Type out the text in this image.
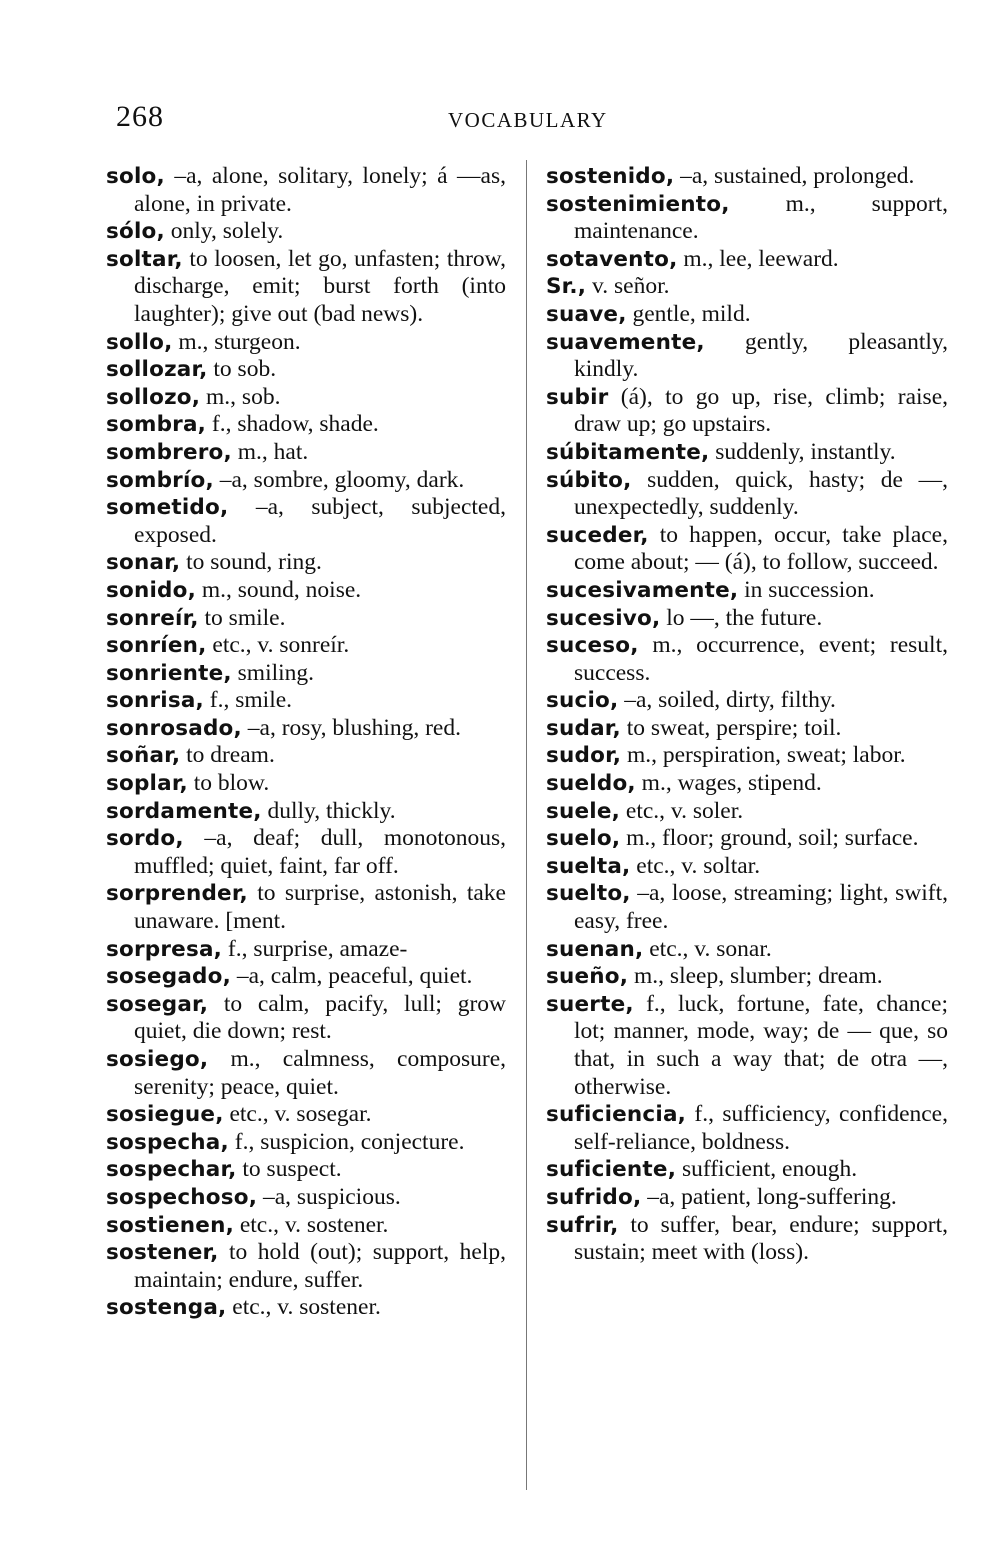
268	VOCABULARY

solo, –a, alone, solitary, lonely; á —as, alone, in private.

sólo, only, solely.

soltar, to loosen, let go, unfasten; throw, discharge, emit; burst forth (into laughter); give out (bad news).

sollo, m., sturgeon.

sollozar, to sob.

sollozo, m., sob.

sombra, f., shadow, shade.

sombrero, m., hat.

sombrío, –a, sombre, gloomy, dark.

sometido, –a, subject, subjected, exposed.

sonar, to sound, ring.

sonido, m., sound, noise.

sonreír, to smile.

sonríen, etc., v. sonreír.

sonriente, smiling.

sonrisa, f., smile.

sonrosado, –a, rosy, blushing, red.

soñar, to dream.

soplar, to blow.

sordamente, dully, thickly.

sordo, –a, deaf; dull, monotonous, muffled; quiet, faint, far off.

sorprender, to surprise, astonish, take unaware. [ment.

sorpresa, f., surprise, amaze-

sosegado, –a, calm, peaceful, quiet.

sosegar, to calm, pacify, lull; grow quiet, die down; rest.

sosiego, m., calmness, composure, serenity; peace, quiet.

sosiegue, etc., v. sosegar.

sospecha, f., suspicion, conjecture.

sospechar, to suspect.

sospechoso, –a, suspicious.

sostienen, etc., v. sostener.

sostener, to hold (out); support, help, maintain; endure, suffer.

sostenga, etc., v. sostener.

sostenido, –a, sustained, prolonged.

sostenimiento, m., support, maintenance.

sotavento, m., lee, leeward.

Sr., v. señor.

suave, gentle, mild.

suavemente, gently, pleasantly, kindly.

subir (á), to go up, rise, climb; raise, draw up; go upstairs.

súbitamente, suddenly, instantly.

súbito, sudden, quick, hasty; de —, unexpectedly, suddenly.

suceder, to happen, occur, take place, come about; — (á), to follow, succeed.

sucesivamente, in succession.

sucesivo, lo —, the future.

suceso, m., occurrence, event; result, success.

sucio, –a, soiled, dirty, filthy.

sudar, to sweat, perspire; toil.

sudor, m., perspiration, sweat; labor.

sueldo, m., wages, stipend.

suele, etc., v. soler.

suelo, m., floor; ground, soil; surface.

suelta, etc., v. soltar.

suelto, –a, loose, streaming; light, swift, easy, free.

suenan, etc., v. sonar.

sueño, m., sleep, slumber; dream.

suerte, f., luck, fortune, fate, chance; lot; manner, mode, way; de — que, so that, in such a way that; de otra —, otherwise.

suficiencia, f., sufficiency, confidence, self-reliance, boldness.

suficiente, sufficient, enough.

sufrido, –a, patient, long-suffering.

sufrir, to suffer, bear, endure; support, sustain; meet with (loss).
